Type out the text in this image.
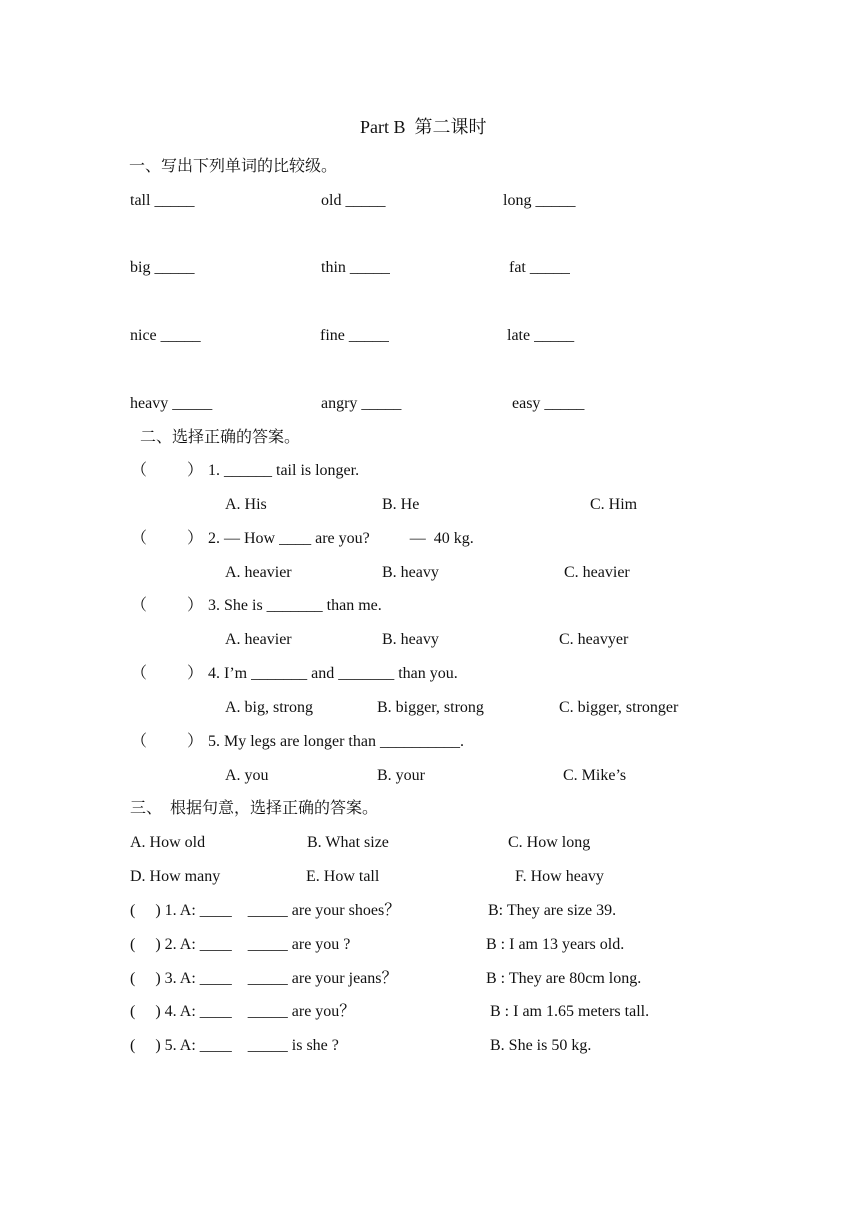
Part B  第二课时
一、写出下列单词的比较级。
tall _____	old _____	long _____
big _____	thin _____	fat _____
nice _____	fine _____	late _____
heavy _____	angry _____	easy _____
二、选择正确的答案。
（          ） 1. ______ tail is longer.
A. His	B. He	C. Him
（          ） 2. — How ____ are you?          —  40 kg.
A. heavier	B. heavy	C. heavier
（          ） 3. She is _______ than me.
A. heavier	B. heavy	C. heavyer
（          ） 4. I’m _______ and _______ than you.
A. big, strong	B. bigger, strong	C. bigger, stronger
（          ） 5. My legs are longer than __________.
A. you	B. your	C. Mike’s
三、  根据句意，选择正确的答案。
A. How old	B. What size	C. How long
D. How many	E. How tall	F. How heavy
(     ) 1. A: ____    _____ are your shoes？	B: They are size 39.
(     ) 2. A: ____    _____ are you ?	B : I am 13 years old.
(     ) 3. A: ____    _____ are your jeans？	B : They are 80cm long.
(     ) 4. A: ____    _____ are you？	B : I am 1.65 meters tall.
(     ) 5. A: ____    _____ is she ?	B. She is 50 kg.
